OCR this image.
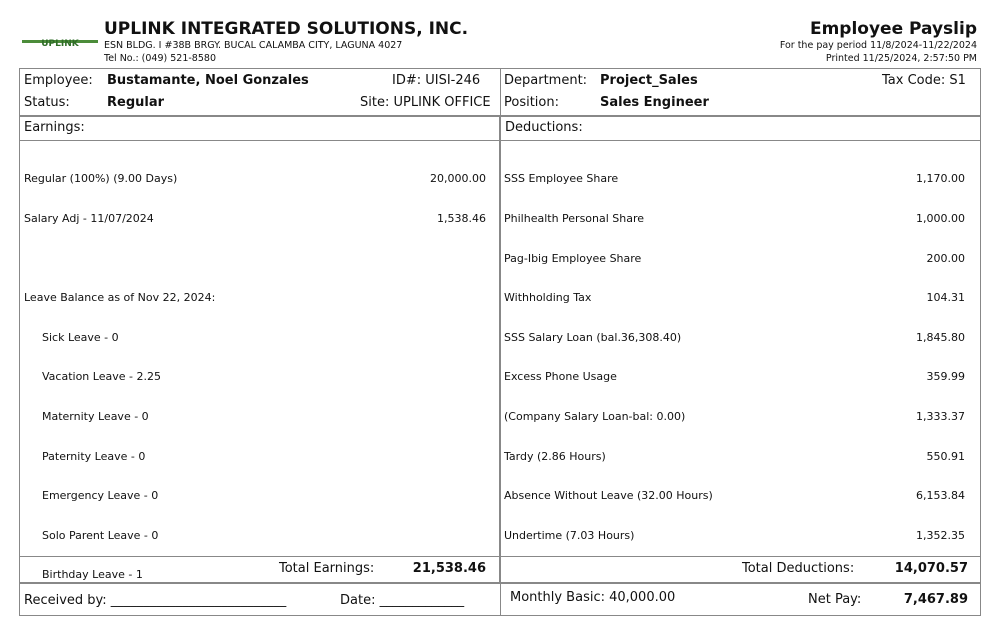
UPLINK
UPLINK INTEGRATED SOLUTIONS, INC.
ESN BLDG. I #38B BRGY. BUCAL CALAMBA CITY, LAGUNA 4027
Tel No.: (049) 521-8580
Employee Payslip
For the pay period 11/8/2024-11/22/2024
Printed 11/25/2024, 2:57:50 PM
Employee: Bustamante, Noel Gonzales	ID#: UISI-246
Status:	Regular	Site: UPLINK OFFICE
Department: Project_Sales	Tax Code: S1
Position:	Sales Engineer
Earnings:

Regular (100%) (9.00 Days)	20,000.00

Salary Adj - 11/07/2024	1,538.46

Leave Balance as of Nov 22, 2024:

Sick Leave - 0

Vacation Leave - 2.25

Maternity Leave - 0

Paternity Leave - 0

Emergency Leave - 0

Solo Parent Leave - 0

Birthday Leave - 1	Total Earnings:	21,538.46
Deductions:

SSS Employee Share	1,170.00

Philhealth Personal Share	1,000.00

Pag-Ibig Employee Share	200.00

Withholding Tax	104.31

SSS Salary Loan (bal.36,308.40)	1,845.80

Excess Phone Usage	359.99

(Company Salary Loan-bal: 0.00)	1,333.37

Tardy (2.86 Hours)	550.91

Absence Without Leave (32.00 Hours)	6,153.84

Undertime (7.03 Hours)	1,352.35

Total Deductions:	14,070.57
Received by: ___________________________	Date: _____________	Monthly Basic: 40,000.00	Net Pay:	7,467.89
